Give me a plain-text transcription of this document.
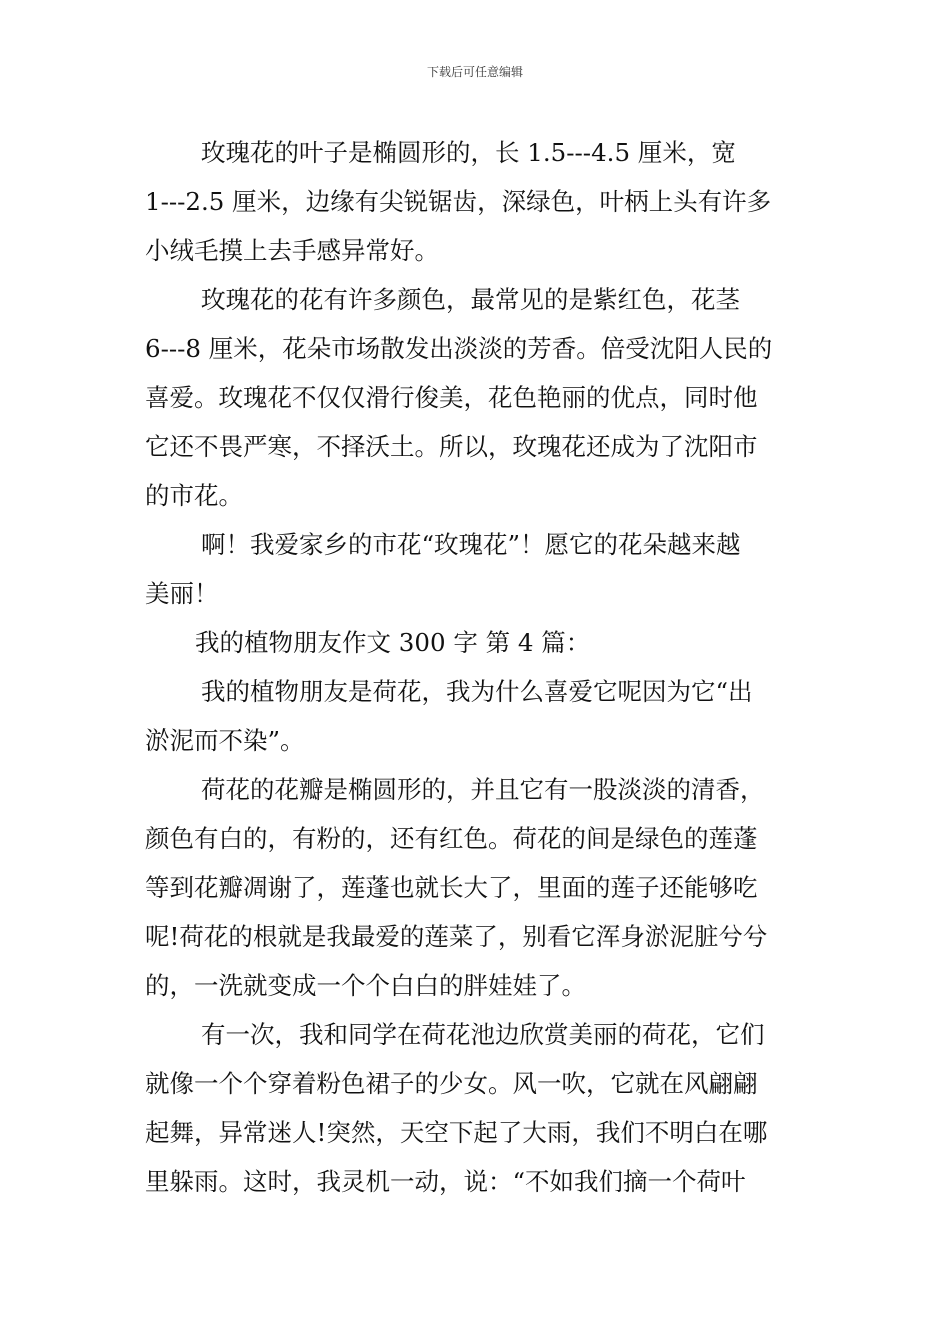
下载后可任意编辑

玫瑰花的叶子是椭圆形的，长 1.5---4.5 厘米，宽
1---2.5 厘米，边缘有尖锐锯齿，深绿色，叶柄上头有许多
小绒毛摸上去手感异常好。

玫瑰花的花有许多颜色，最常见的是紫红色，花茎
6---8 厘米，花朵市场散发出淡淡的芳香。倍受沈阳人民的
喜爱。玫瑰花不仅仅滑行俊美，花色艳丽的优点，同时他
它还不畏严寒，不择沃土。所以，玫瑰花还成为了沈阳市
的市花。

啊！我爱家乡的市花“玫瑰花”！愿它的花朵越来越
美丽！

我的植物朋友作文 300 字 第 4 篇：

我的植物朋友是荷花，我为什么喜爱它呢因为它“出
淤泥而不染”。

荷花的花瓣是椭圆形的，并且它有一股淡淡的清香，
颜色有白的，有粉的，还有红色。荷花的间是绿色的莲蓬
等到花瓣凋谢了，莲蓬也就长大了，里面的莲子还能够吃
呢!荷花的根就是我最爱的莲菜了，别看它浑身淤泥脏兮兮
的，一洗就变成一个个白白的胖娃娃了。

有一次，我和同学在荷花池边欣赏美丽的荷花，它们
就像一个个穿着粉色裙子的少女。风一吹，它就在风翩翩
起舞，异常迷人!突然，天空下起了大雨，我们不明白在哪
里躲雨。这时，我灵机一动，说：“不如我们摘一个荷叶
